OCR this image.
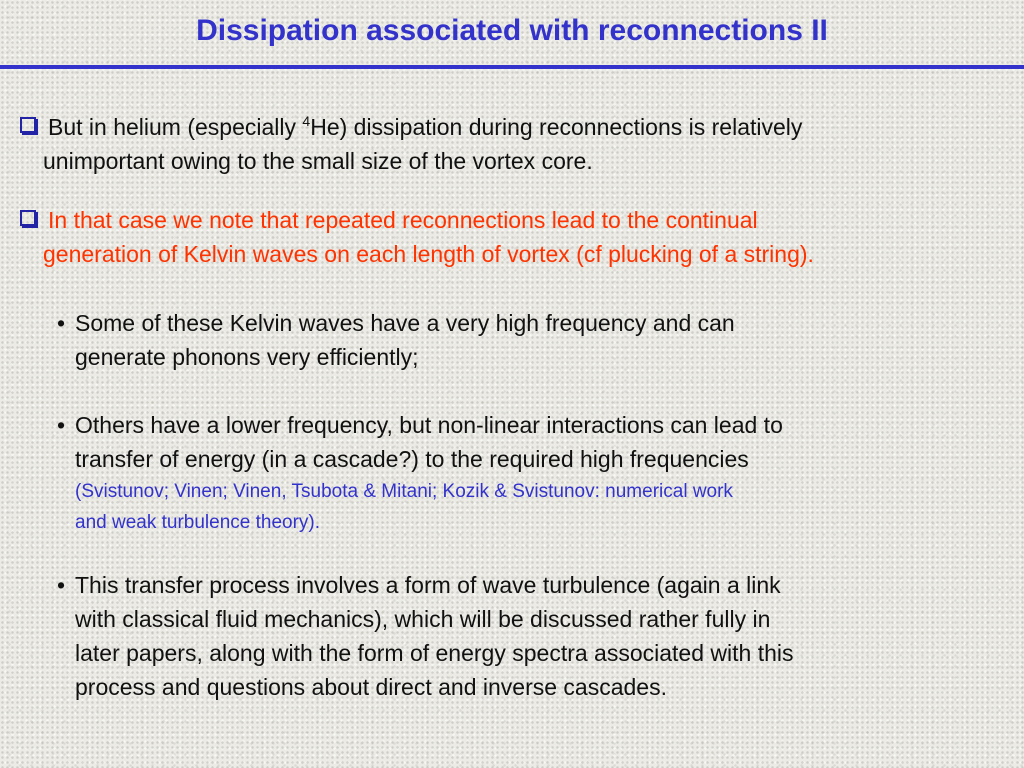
Dissipation associated with reconnections II
But in helium (especially $^4$He) dissipation during reconnections is relatively
unimportant owing to the small size of the vortex core.
In that case we note that repeated reconnections lead to the continual
generation of Kelvin waves on each length of vortex (cf plucking of a string).
• Some of these Kelvin waves have a very high frequency and can
generate phonons very efficiently;
• Others have a lower frequency, but non-linear interactions can lead to
transfer of energy (in a cascade?) to the required high frequencies
(Svistunov; Vinen; Vinen, Tsubota & Mitani; Kozik & Svistunov: numerical work
and weak turbulence theory).
• This transfer process involves a form of wave turbulence (again a link
with classical fluid mechanics), which will be discussed rather fully in
later papers, along with the form of energy spectra associated with this
process and questions about direct and inverse cascades.
